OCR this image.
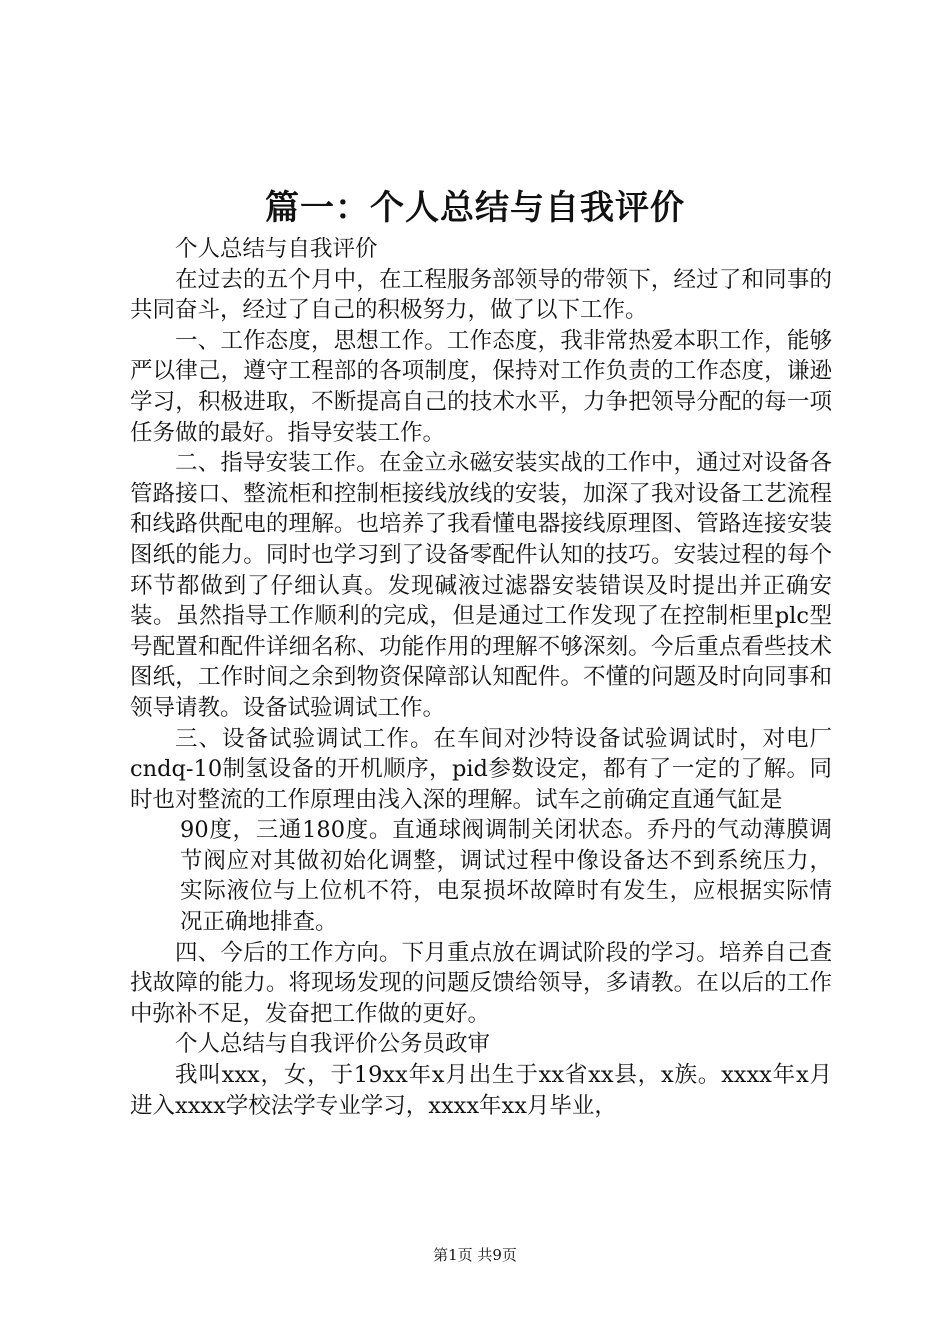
篇一：个人总结与自我评价

个人总结与自我评价

在过去的五个月中，在工程服务部领导的带领下，经过了和同事的共同奋斗，经过了自己的积极努力，做了以下工作。

一、工作态度，思想工作。工作态度，我非常热爱本职工作，能够严以律己，遵守工程部的各项制度，保持对工作负责的工作态度，谦逊学习，积极进取，不断提高自己的技术水平，力争把领导分配的每一项任务做的最好。指导安装工作。

二、指导安装工作。在金立永磁安装实战的工作中，通过对设备各管路接口、整流柜和控制柜接线放线的安装，加深了我对设备工艺流程和线路供配电的理解。也培养了我看懂电器接线原理图、管路连接安装图纸的能力。同时也学习到了设备零配件认知的技巧。安装过程的每个环节都做到了仔细认真。发现碱液过滤器安装错误及时提出并正确安装。虽然指导工作顺利的完成，但是通过工作发现了在控制柜里plc型号配置和配件详细名称、功能作用的理解不够深刻。今后重点看些技术图纸，工作时间之余到物资保障部认知配件。不懂的问题及时向同事和领导请教。设备试验调试工作。

三、设备试验调试工作。在车间对沙特设备试验调试时，对电厂cndq-10制氢设备的开机顺序，pid参数设定，都有了一定的了解。同时也对整流的工作原理由浅入深的理解。试车之前确定直通气缸是

90度，三通180度。直通球阀调制关闭状态。乔丹的气动薄膜调节阀应对其做初始化调整，调试过程中像设备达不到系统压力，实际液位与上位机不符，电泵损坏故障时有发生，应根据实际情况正确地排查。

四、今后的工作方向。下月重点放在调试阶段的学习。培养自己查找故障的能力。将现场发现的问题反馈给领导，多请教。在以后的工作中弥补不足，发奋把工作做的更好。

个人总结与自我评价公务员政审

我叫xxx，女，于19xx年x月出生于xx省xx县，x族。xxxx年x月进入xxxx学校法学专业学习，xxxx年xx月毕业，

第1页 共9页
